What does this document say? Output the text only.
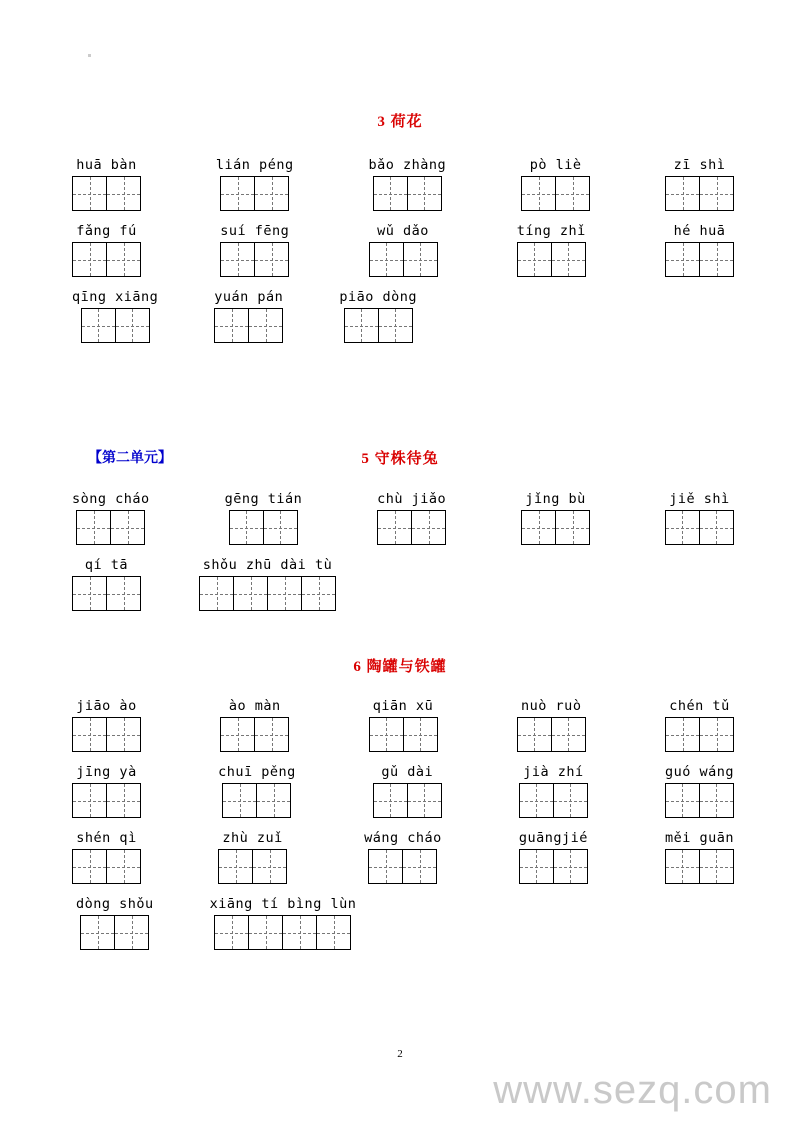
3 荷花
huā bàn	lián péng	bǎo zhàng	pò liè	zī shì
fǎng fú	suí fēng	wǔ dǎo	tíng zhǐ	hé huā
qīng xiāng	yuán pán	piāo dòng
【第二单元】	5 守株待兔
sòng cháo	gēng tián	chù jiǎo	jǐng bù	jiě shì
qí tā	shǒu zhū dài tù
6 陶罐与铁罐
jiāo ào	ào màn	qiān xū	nuò ruò	chén tǔ
jīng yà	chuī pěng	gǔ dài	jià zhí	guó wáng
shén qì	zhù zuǐ	wáng cháo	guāngjié	měi guān
dòng shǒu	xiāng tí bìng lùn
2
www.sezq.com
